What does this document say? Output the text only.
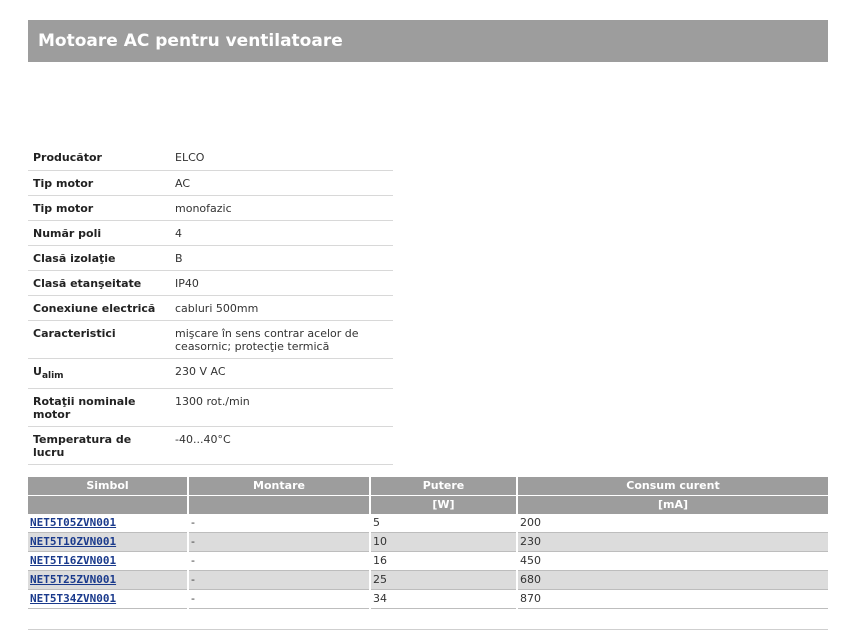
Motoare AC pentru ventilatoare
Producător	ELCO
Tip motor	AC
Tip motor	monofazic
Număr poli	4
Clasă izolaţie	B
Clasă etanşeitate	IP40
Conexiune electrică	cabluri 500mm
Caracteristici	mişcare în sens contrar acelor de ceasornic; protecţie termică
$U_{alim}$	230 V AC
Rotaţii nominale motor	1300 rot./min
Temperatura de lucru	-40...40°C
Simbol	Montare	Putere	Consum curent
		[W]	[mA]
NET5T05ZVN001	-	5	200
NET5T10ZVN001	-	10	230
NET5T16ZVN001	-	16	450
NET5T25ZVN001	-	25	680
NET5T34ZVN001	-	34	870
